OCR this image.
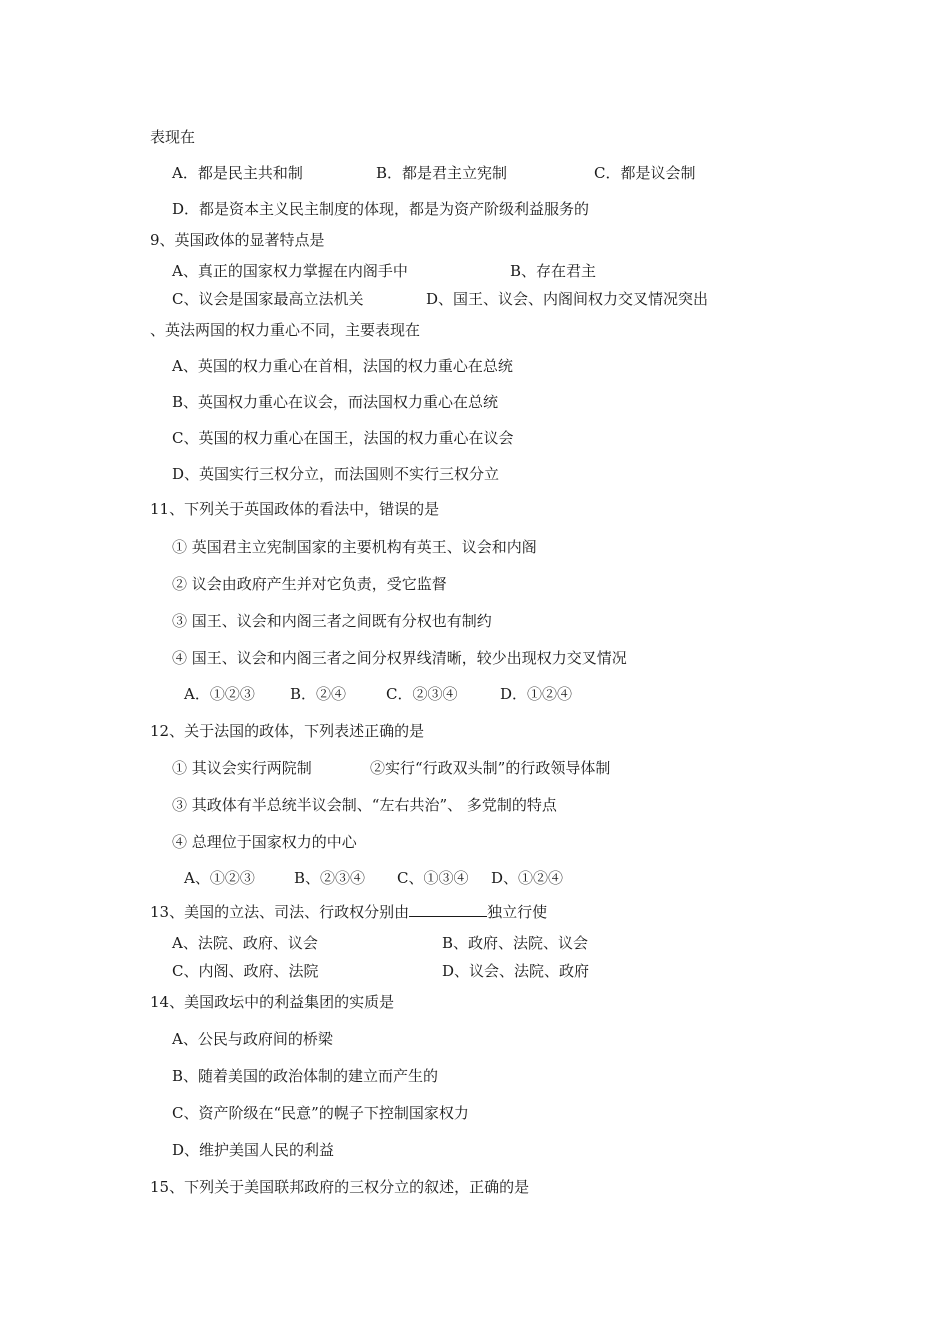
表现在
A．都是民主共和制	B．都是君主立宪制	C．都是议会制
D．都是资本主义民主制度的体现，都是为资产阶级利益服务的
9、英国政体的显著特点是
A、真正的国家权力掌握在内阁手中	B、存在君主
C、议会是国家最高立法机关	D、国王、议会、内阁间权力交叉情况突出
、英法两国的权力重心不同，主要表现在
A、英国的权力重心在首相，法国的权力重心在总统
B、英国权力重心在议会，而法国权力重心在总统
C、英国的权力重心在国王，法国的权力重心在议会
D、英国实行三权分立，而法国则不实行三权分立
11、下列关于英国政体的看法中，错误的是
① 英国君主立宪制国家的主要机构有英王、议会和内阁
② 议会由政府产生并对它负责，受它监督
③ 国王、议会和内阁三者之间既有分权也有制约
④ 国王、议会和内阁三者之间分权界线清晰，较少出现权力交叉情况
A．①②③ B．②④	C．②③④	D．①②④
12、关于法国的政体，下列表述正确的是
① 其议会实行两院制	②实行“行政双头制”的行政领导体制
③ 其政体有半总统半议会制、“左右共治”、 多党制的特点
④ 总理位于国家权力的中心
A、①②③	B、②③④ C、①③④ D、①②④
13、美国的立法、司法、行政权分别由	独立行使
A、法院、政府、议会	B、政府、法院、议会
C、内阁、政府、法院	D、议会、法院、政府
14、美国政坛中的利益集团的实质是
A、公民与政府间的桥梁
B、随着美国的政治体制的建立而产生的
C、资产阶级在“民意”的幌子下控制国家权力
D、维护美国人民的利益
15、下列关于美国联邦政府的三权分立的叙述，正确的是
